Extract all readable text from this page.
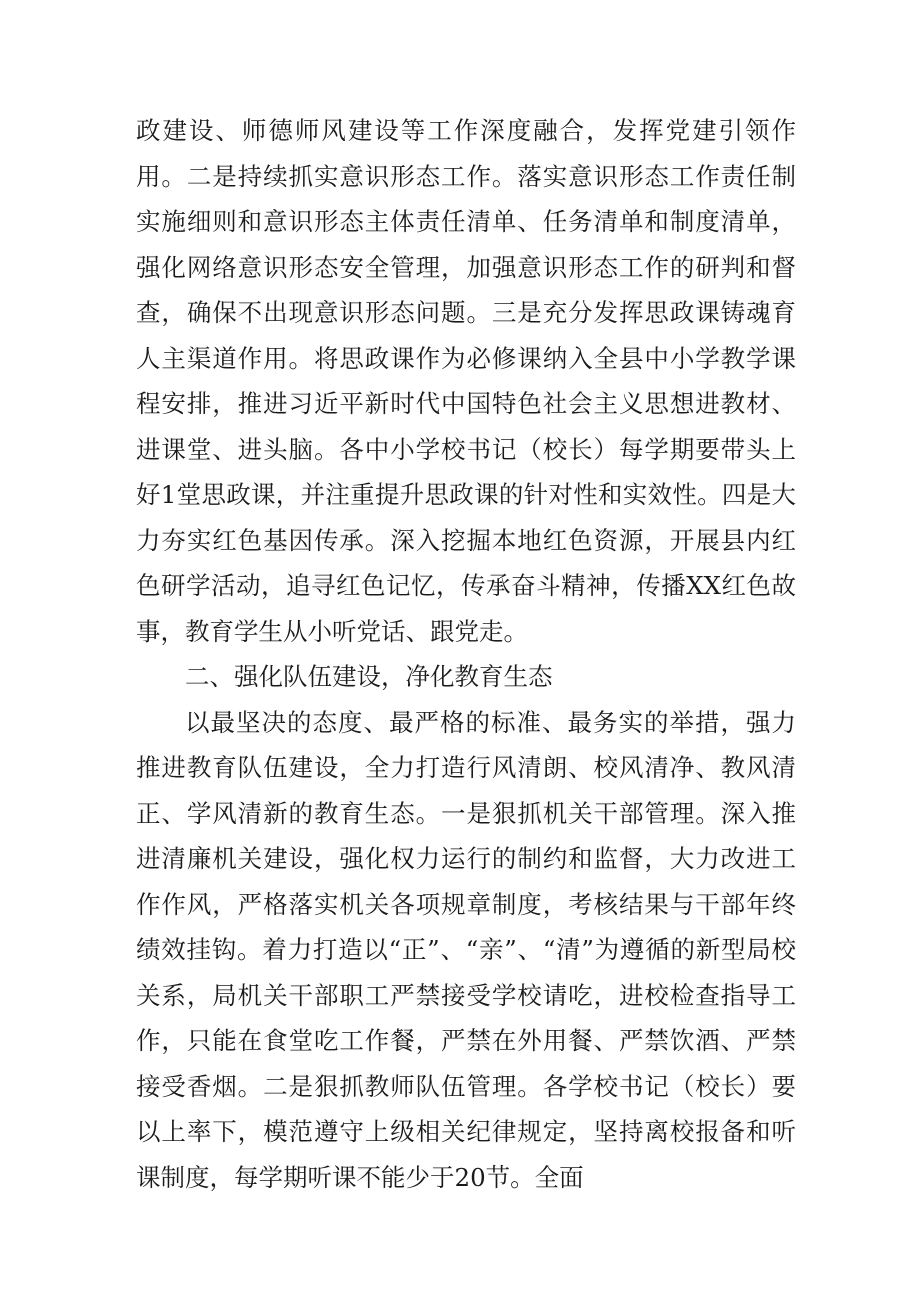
政建设、师德师风建设等工作深度融合，发挥党建引领作用。二是持续抓实意识形态工作。落实意识形态工作责任制实施细则和意识形态主体责任清单、任务清单和制度清单，强化网络意识形态安全管理，加强意识形态工作的研判和督查，确保不出现意识形态问题。三是充分发挥思政课铸魂育人主渠道作用。将思政课作为必修课纳入全县中小学教学课程安排，推进习近平新时代中国特色社会主义思想进教材、进课堂、进头脑。各中小学校书记（校长）每学期要带头上好1堂思政课，并注重提升思政课的针对性和实效性。四是大力夯实红色基因传承。深入挖掘本地红色资源，开展县内红色研学活动，追寻红色记忆，传承奋斗精神，传播XX红色故事，教育学生从小听党话、跟党走。

二、强化队伍建设，净化教育生态

以最坚决的态度、最严格的标准、最务实的举措，强力推进教育队伍建设，全力打造行风清朗、校风清净、教风清正、学风清新的教育生态。一是狠抓机关干部管理。深入推进清廉机关建设，强化权力运行的制约和监督，大力改进工作作风，严格落实机关各项规章制度，考核结果与干部年终绩效挂钩。着力打造以“正”、“亲”、“清”为遵循的新型局校关系，局机关干部职工严禁接受学校请吃，进校检查指导工作，只能在食堂吃工作餐，严禁在外用餐、严禁饮酒、严禁接受香烟。二是狠抓教师队伍管理。各学校书记（校长）要以上率下，模范遵守上级相关纪律规定，坚持离校报备和听课制度，每学期听课不能少于20节。全面
